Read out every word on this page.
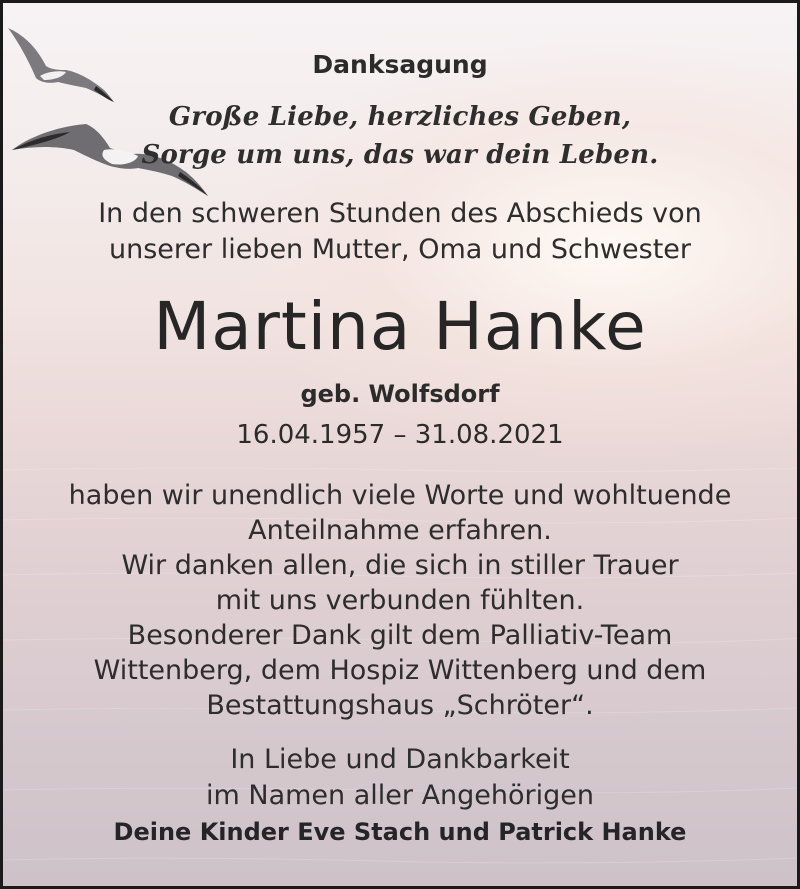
Danksagung
Große Liebe, herzliches Geben,
Sorge um uns, das war dein Leben.
In den schweren Stunden des Abschieds von
unserer lieben Mutter, Oma und Schwester
Martina Hanke
geb. Wolfsdorf
16.04.1957 – 31.08.2021
haben wir unendlich viele Worte und wohltuende
Anteilnahme erfahren.
Wir danken allen, die sich in stiller Trauer
mit uns verbunden fühlten.
Besonderer Dank gilt dem Palliativ-Team
Wittenberg, dem Hospiz Wittenberg und dem
Bestattungshaus „Schröter“.
In Liebe und Dankbarkeit
im Namen aller Angehörigen
Deine Kinder Eve Stach und Patrick Hanke
